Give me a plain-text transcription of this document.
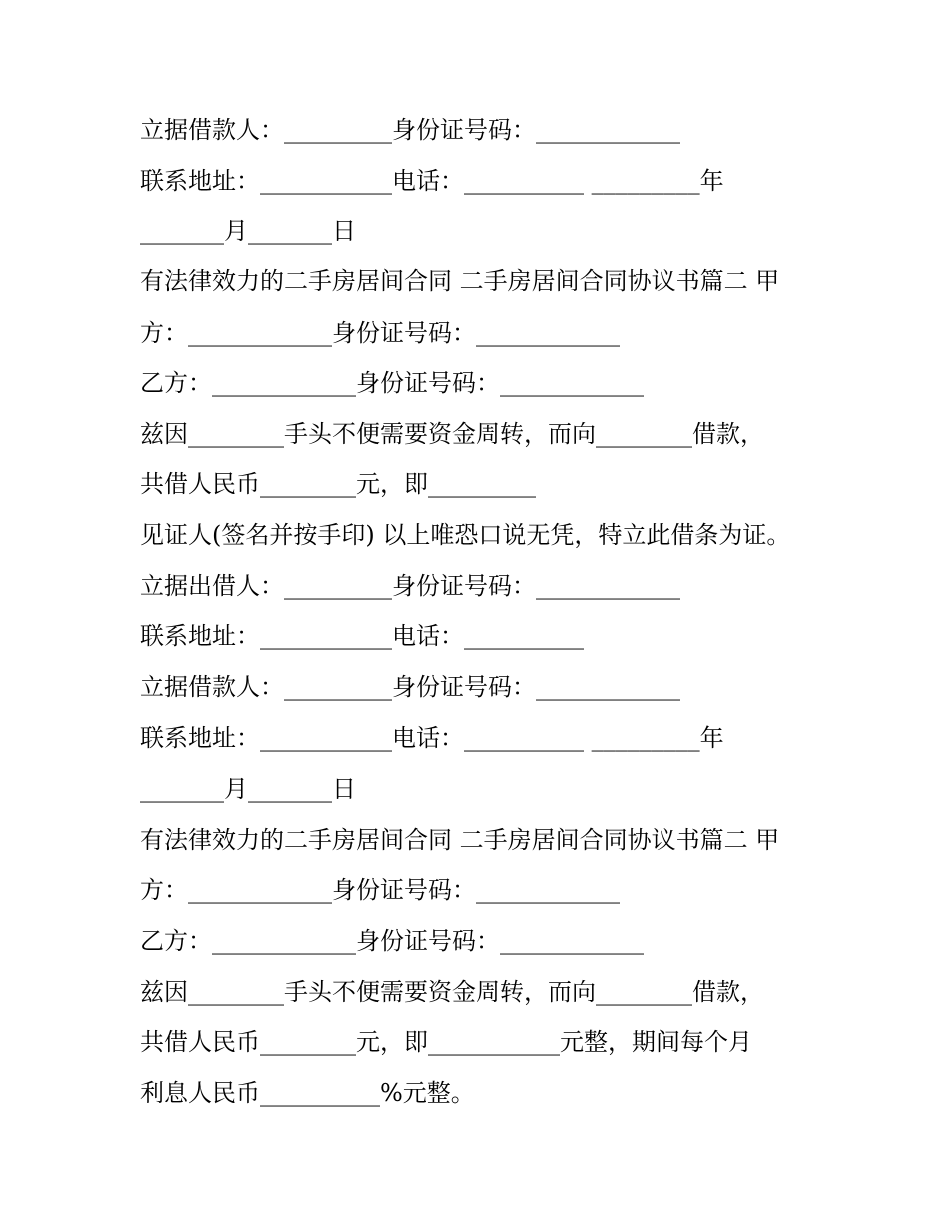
立据借款人：_________身份证号码：____________
联系地址：___________电话：__________ _________年
_______月_______日
有法律效力的二手房居间合同 二手房居间合同协议书篇二 甲
方：____________身份证号码：____________
乙方：____________身份证号码：____________
兹因________手头不便需要资金周转，而向________借款，
共借人民币________元，即_________
见证人(签名并按手印) 以上唯恐口说无凭，特立此借条为证。
立据出借人：_________身份证号码：____________
联系地址：___________电话：__________
立据借款人：_________身份证号码：____________
联系地址：___________电话：__________ _________年
_______月_______日
有法律效力的二手房居间合同 二手房居间合同协议书篇二 甲
方：____________身份证号码：____________
乙方：____________身份证号码：____________
兹因________手头不便需要资金周转，而向________借款，
共借人民币________元，即___________元整，期间每个月
利息人民币__________%元整。
